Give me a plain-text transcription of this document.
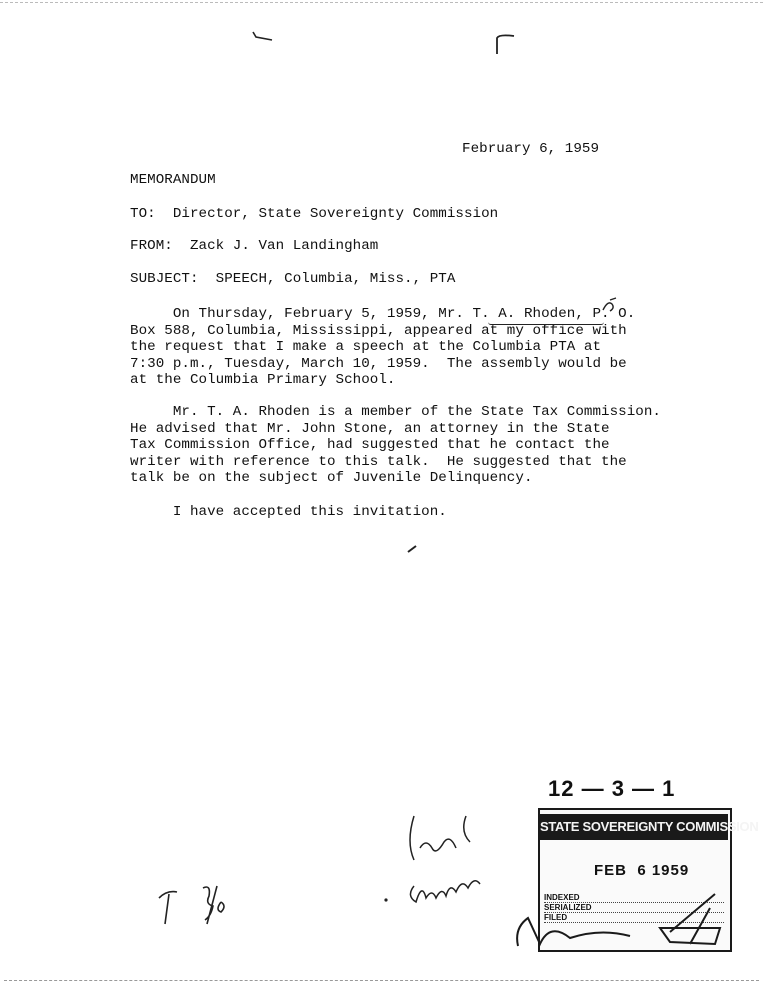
February 6, 1959
MEMORANDUM
TO:  Director, State Sovereignty Commission
FROM:  Zack J. Van Landingham
SUBJECT:  SPEECH, Columbia, Miss., PTA
On Thursday, February 5, 1959, Mr. T. A. Rhoden, P. O.
Box 588, Columbia, Mississippi, appeared at my office with
the request that I make a speech at the Columbia PTA at
7:30 p.m., Tuesday, March 10, 1959.  The assembly would be
at the Columbia Primary School.
Mr. T. A. Rhoden is a member of the State Tax Commission.
He advised that Mr. John Stone, an attorney in the State
Tax Commission Office, had suggested that he contact the
writer with reference to this talk.  He suggested that the
talk be on the subject of Juvenile Delinquency.
I have accepted this invitation.
12 — 3 — 1
STATE SOVEREIGNTY COMMISSION
FEB  6 1959
INDEXED
SERIALIZED
FILED
